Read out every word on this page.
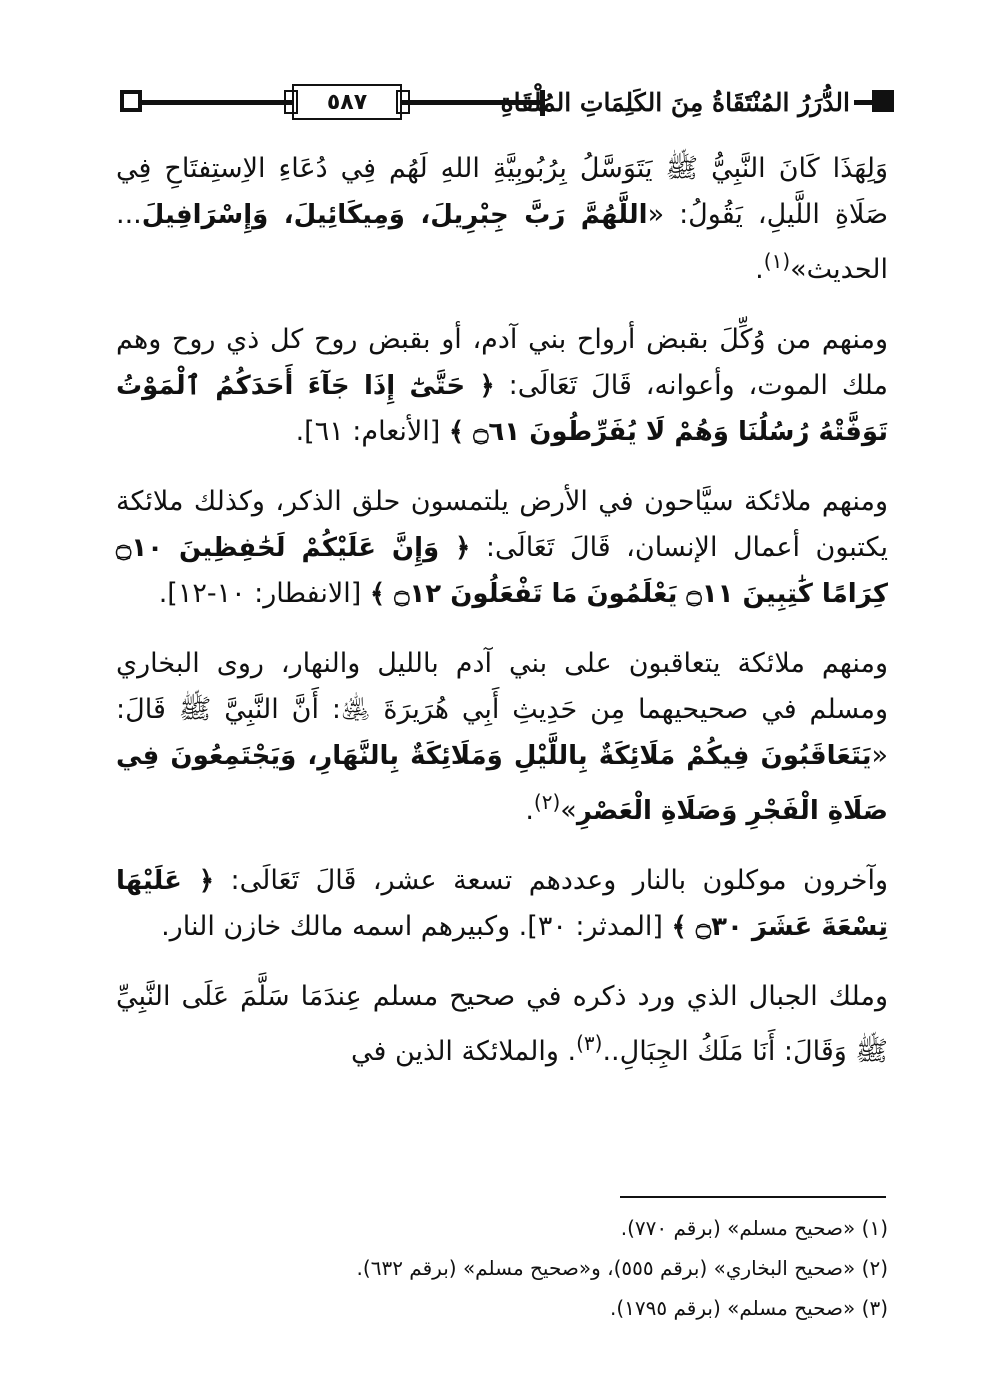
٥٨٧	الدُّرَرُ المُنْتَقَاةُ مِنَ الكَلِمَاتِ المُلْقَاةِ

وَلِهَذَا كَانَ النَّبِيُّ ﷺ يَتَوَسَّلُ بِرُبُوبِيَّةِ اللهِ لَهُم فِي دُعَاءِ الاِستِفتَاحِ فِي صَلَاةِ اللَّيلِ، يَقُولُ: «اللَّهُمَّ رَبَّ جِبْرِيلَ، وَمِيكَائِيلَ، وَإِسْرَافِيلَ... الحديث»$^{(١)}$.

ومنهم من وُكِّلَ بقبض أرواح بني آدم، أو بقبض روح كل ذي روح وهم ملك الموت، وأعوانه، قَالَ تَعَالَى: ﴿ حَتَّىٰٓ إِذَا جَآءَ أَحَدَكُمُ ٱلْمَوْتُ تَوَفَّتْهُ رُسُلُنَا وَهُمْ لَا يُفَرِّطُونَ ۝٦١ ﴾ [الأنعام: ٦١].

ومنهم ملائكة سيَّاحون في الأرض يلتمسون حلق الذكر، وكذلك ملائكة يكتبون أعمال الإنسان، قَالَ تَعَالَى: ﴿ وَإِنَّ عَلَيْكُمْ لَحَٰفِظِينَ ۝١٠ كِرَامًا كَٰتِبِينَ ۝١١ يَعْلَمُونَ مَا تَفْعَلُونَ ۝١٢ ﴾ [الانفطار: ١٠-١٢].

ومنهم ملائكة يتعاقبون على بني آدم بالليل والنهار، روى البخاري ومسلم في صحيحيهما مِن حَدِيثِ أَبِي هُرَيرَةَ ﵁: أَنَّ النَّبِيَّ ﷺ قَالَ: «يَتَعَاقَبُونَ فِيكُمْ مَلَائِكَةٌ بِاللَّيْلِ وَمَلَائِكَةٌ بِالنَّهَارِ، وَيَجْتَمِعُونَ فِي صَلَاةِ الْفَجْرِ وَصَلَاةِ الْعَصْرِ»$^{(٢)}$.

وآخرون موكلون بالنار وعددهم تسعة عشر، قَالَ تَعَالَى: ﴿ عَلَيْهَا تِسْعَةَ عَشَرَ ۝٣٠ ﴾ [المدثر: ٣٠]. وكبيرهم اسمه مالك خازن النار.

وملك الجبال الذي ورد ذكره في صحيح مسلم عِندَمَا سَلَّمَ عَلَى النَّبِيِّ ﷺ وَقَالَ: أَنَا مَلَكُ الجِبَالِ..$^{(٣)}$. والملائكة الذين في

(١) «صحيح مسلم» (برقم ٧٧٠).
(٢) «صحيح البخاري» (برقم ٥٥٥)، و«صحيح مسلم» (برقم ٦٣٢).
(٣) «صحيح مسلم» (برقم ١٧٩٥).
